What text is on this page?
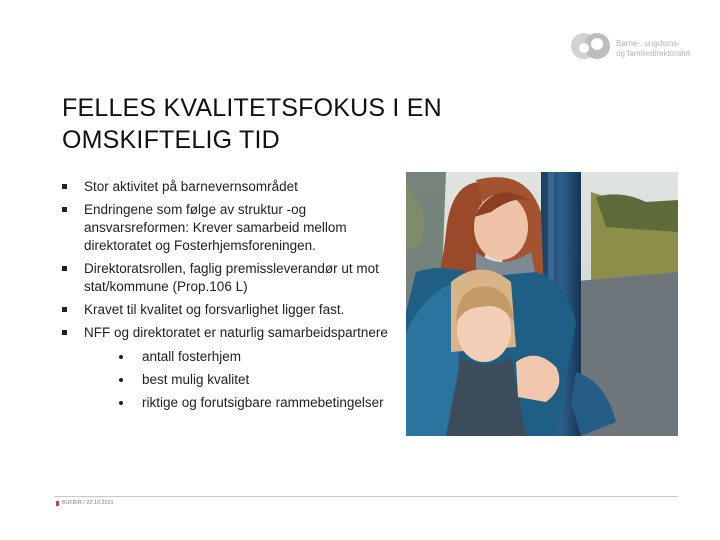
Barne-, ungdoms-
og familiedirektoratet
FELLES KVALITETSFOKUS I EN
OMSKIFTELIG TID
Stor aktivitet på barnevernsområdet
Endringene som følge av struktur -og ansvarsreformen: Krever samarbeid mellom direktoratet og Fosterhjemsforeningen.
Direktoratsrollen, faglig premissleverandør ut mot stat/kommune (Prop.106 L)
Kravet til kvalitet og forsvarlighet ligger fast.
NFF og direktoratet er naturlig samarbeidspartnere
antall fosterhjem
best mulig kvalitet
riktige og forutsigbare rammebetingelser
BUFDIR / 22.10.2021
